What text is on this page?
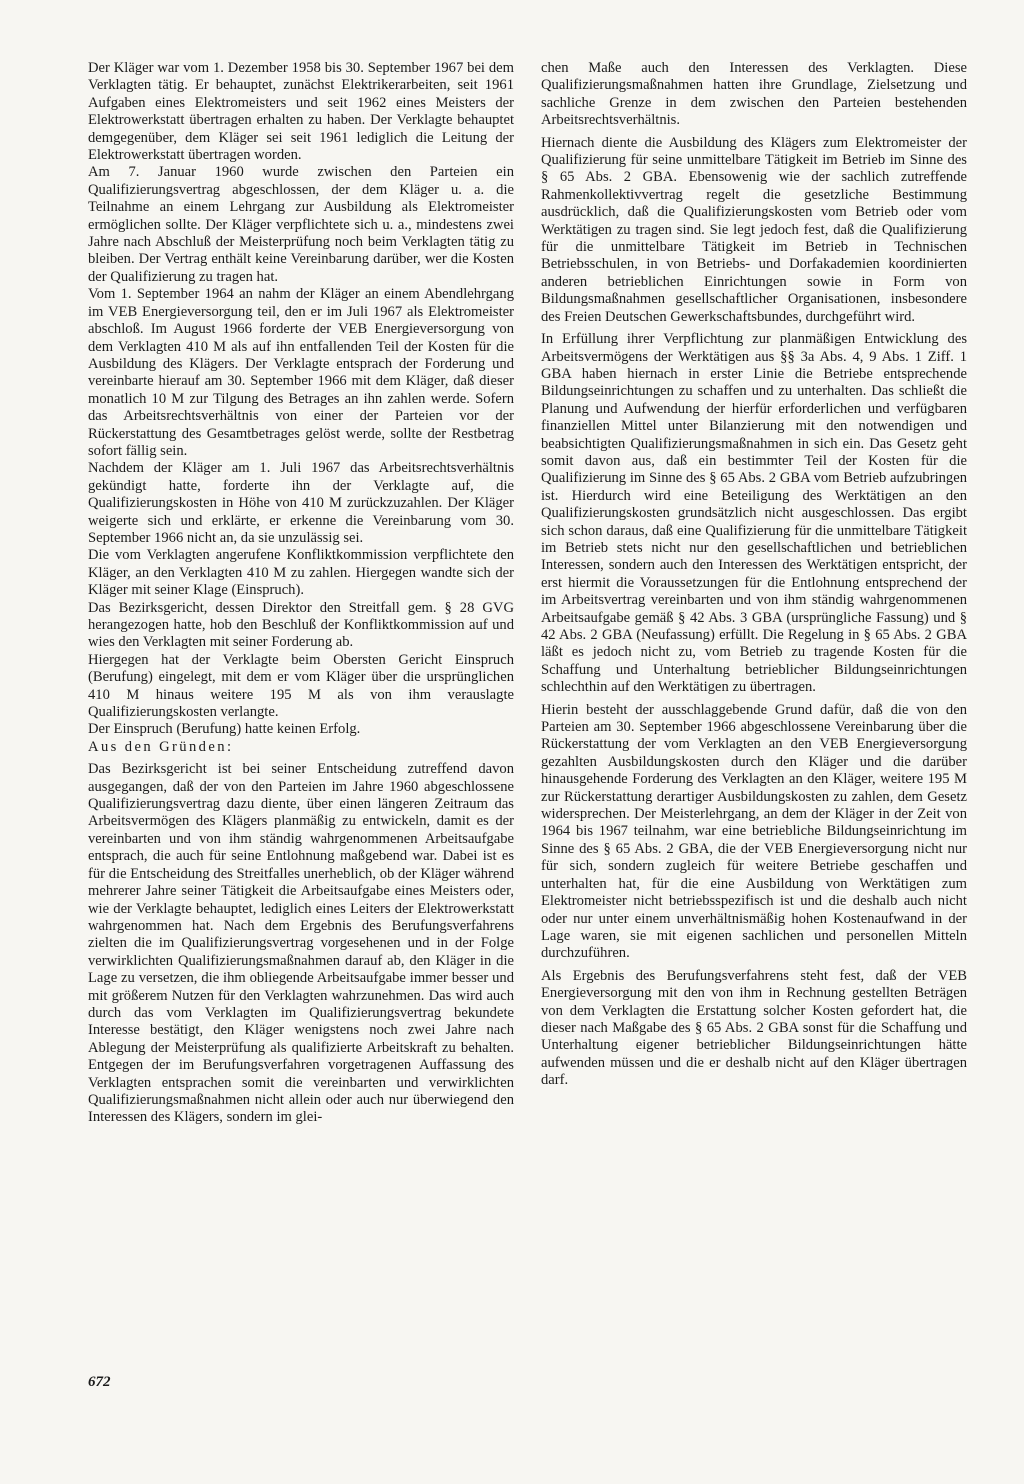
Der Kläger war vom 1. Dezember 1958 bis 30. September 1967 bei dem Verklagten tätig. Er behauptet, zunächst Elektrikerarbeiten, seit 1961 Aufgaben eines Elektromeisters und seit 1962 eines Meisters der Elektrowerkstatt übertragen erhalten zu haben. Der Verklagte behauptet demgegenüber, dem Kläger sei seit 1961 lediglich die Leitung der Elektrowerkstatt übertragen worden.

Am 7. Januar 1960 wurde zwischen den Parteien ein Qualifizierungsvertrag abgeschlossen, der dem Kläger u. a. die Teilnahme an einem Lehrgang zur Ausbildung als Elektromeister ermöglichen sollte. Der Kläger verpflichtete sich u. a., mindestens zwei Jahre nach Abschluß der Meisterprüfung noch beim Verklagten tätig zu bleiben. Der Vertrag enthält keine Vereinbarung darüber, wer die Kosten der Qualifizierung zu tragen hat.

Vom 1. September 1964 an nahm der Kläger an einem Abendlehrgang im VEB Energieversorgung teil, den er im Juli 1967 als Elektromeister abschloß. Im August 1966 forderte der VEB Energieversorgung von dem Verklagten 410 M als auf ihn entfallenden Teil der Kosten für die Ausbildung des Klägers. Der Verklagte entsprach der Forderung und vereinbarte hierauf am 30. September 1966 mit dem Kläger, daß dieser monatlich 10 M zur Tilgung des Betrages an ihn zahlen werde. Sofern das Arbeitsrechtsverhältnis von einer der Parteien vor der Rückerstattung des Gesamtbetrages gelöst werde, sollte der Restbetrag sofort fällig sein.

Nachdem der Kläger am 1. Juli 1967 das Arbeitsrechtsverhältnis gekündigt hatte, forderte ihn der Verklagte auf, die Qualifizierungskosten in Höhe von 410 M zurückzuzahlen. Der Kläger weigerte sich und erklärte, er erkenne die Vereinbarung vom 30. September 1966 nicht an, da sie unzulässig sei.

Die vom Verklagten angerufene Konfliktkommission verpflichtete den Kläger, an den Verklagten 410 M zu zahlen. Hiergegen wandte sich der Kläger mit seiner Klage (Einspruch).

Das Bezirksgericht, dessen Direktor den Streitfall gem. § 28 GVG herangezogen hatte, hob den Beschluß der Konfliktkommission auf und wies den Verklagten mit seiner Forderung ab.

Hiergegen hat der Verklagte beim Obersten Gericht Einspruch (Berufung) eingelegt, mit dem er vom Kläger über die ursprünglichen 410 M hinaus weitere 195 M als von ihm verauslagte Qualifizierungskosten verlangte.

Der Einspruch (Berufung) hatte keinen Erfolg.

Aus den Gründen:

Das Bezirksgericht ist bei seiner Entscheidung zutreffend davon ausgegangen, daß der von den Parteien im Jahre 1960 abgeschlossene Qualifizierungsvertrag dazu diente, über einen längeren Zeitraum das Arbeitsvermögen des Klägers planmäßig zu entwickeln, damit es der vereinbarten und von ihm ständig wahrgenommenen Arbeitsaufgabe entsprach, die auch für seine Entlohnung maßgebend war. Dabei ist es für die Entscheidung des Streitfalles unerheblich, ob der Kläger während mehrerer Jahre seiner Tätigkeit die Arbeitsaufgabe eines Meisters oder, wie der Verklagte behauptet, lediglich eines Leiters der Elektrowerkstatt wahrgenommen hat. Nach dem Ergebnis des Berufungsverfahrens zielten die im Qualifizierungsvertrag vorgesehenen und in der Folge verwirklichten Qualifizierungsmaßnahmen darauf ab, den Kläger in die Lage zu versetzen, die ihm obliegende Arbeitsaufgabe immer besser und mit größerem Nutzen für den Verklagten wahrzunehmen. Das wird auch durch das vom Verklagten im Qualifizierungsvertrag bekundete Interesse bestätigt, den Kläger wenigstens noch zwei Jahre nach Ablegung der Meisterprüfung als qualifizierte Arbeitskraft zu behalten. Entgegen der im Berufungsverfahren vorgetragenen Auffassung des Verklagten entsprachen somit die vereinbarten und verwirklichten Qualifizierungsmaßnahmen nicht allein oder auch nur überwiegend den Interessen des Klägers, sondern im glei-

chen Maße auch den Interessen des Verklagten. Diese Qualifizierungsmaßnahmen hatten ihre Grundlage, Zielsetzung und sachliche Grenze in dem zwischen den Parteien bestehenden Arbeitsrechtsverhältnis.

Hiernach diente die Ausbildung des Klägers zum Elektromeister der Qualifizierung für seine unmittelbare Tätigkeit im Betrieb im Sinne des § 65 Abs. 2 GBA. Ebensowenig wie der sachlich zutreffende Rahmenkollektivvertrag regelt die gesetzliche Bestimmung ausdrücklich, daß die Qualifizierungskosten vom Betrieb oder vom Werktätigen zu tragen sind. Sie legt jedoch fest, daß die Qualifizierung für die unmittelbare Tätigkeit im Betrieb in Technischen Betriebsschulen, in von Betriebs- und Dorfakademien koordinierten anderen betrieblichen Einrichtungen sowie in Form von Bildungsmaßnahmen gesellschaftlicher Organisationen, insbesondere des Freien Deutschen Gewerkschaftsbundes, durchgeführt wird.

In Erfüllung ihrer Verpflichtung zur planmäßigen Entwicklung des Arbeitsvermögens der Werktätigen aus §§ 3a Abs. 4, 9 Abs. 1 Ziff. 1 GBA haben hiernach in erster Linie die Betriebe entsprechende Bildungseinrichtungen zu schaffen und zu unterhalten. Das schließt die Planung und Aufwendung der hierfür erforderlichen und verfügbaren finanziellen Mittel unter Bilanzierung mit den notwendigen und beabsichtigten Qualifizierungsmaßnahmen in sich ein. Das Gesetz geht somit davon aus, daß ein bestimmter Teil der Kosten für die Qualifizierung im Sinne des § 65 Abs. 2 GBA vom Betrieb aufzubringen ist. Hierdurch wird eine Beteiligung des Werktätigen an den Qualifizierungskosten grundsätzlich nicht ausgeschlossen. Das ergibt sich schon daraus, daß eine Qualifizierung für die unmittelbare Tätigkeit im Betrieb stets nicht nur den gesellschaftlichen und betrieblichen Interessen, sondern auch den Interessen des Werktätigen entspricht, der erst hiermit die Voraussetzungen für die Entlohnung entsprechend der im Arbeitsvertrag vereinbarten und von ihm ständig wahrgenommenen Arbeitsaufgabe gemäß § 42 Abs. 3 GBA (ursprüngliche Fassung) und § 42 Abs. 2 GBA (Neufassung) erfüllt. Die Regelung in § 65 Abs. 2 GBA läßt es jedoch nicht zu, vom Betrieb zu tragende Kosten für die Schaffung und Unterhaltung betrieblicher Bildungseinrichtungen schlechthin auf den Werktätigen zu übertragen.

Hierin besteht der ausschlaggebende Grund dafür, daß die von den Parteien am 30. September 1966 abgeschlossene Vereinbarung über die Rückerstattung der vom Verklagten an den VEB Energieversorgung gezahlten Ausbildungskosten durch den Kläger und die darüber hinausgehende Forderung des Verklagten an den Kläger, weitere 195 M zur Rückerstattung derartiger Ausbildungskosten zu zahlen, dem Gesetz widersprechen. Der Meisterlehrgang, an dem der Kläger in der Zeit von 1964 bis 1967 teilnahm, war eine betriebliche Bildungseinrichtung im Sinne des § 65 Abs. 2 GBA, die der VEB Energieversorgung nicht nur für sich, sondern zugleich für weitere Betriebe geschaffen und unterhalten hat, für die eine Ausbildung von Werktätigen zum Elektromeister nicht betriebsspezifisch ist und die deshalb auch nicht oder nur unter einem unverhältnismäßig hohen Kostenaufwand in der Lage waren, sie mit eigenen sachlichen und personellen Mitteln durchzuführen.

Als Ergebnis des Berufungsverfahrens steht fest, daß der VEB Energieversorgung mit den von ihm in Rechnung gestellten Beträgen von dem Verklagten die Erstattung solcher Kosten gefordert hat, die dieser nach Maßgabe des § 65 Abs. 2 GBA sonst für die Schaffung und Unterhaltung eigener betrieblicher Bildungseinrichtungen hätte aufwenden müssen und die er deshalb nicht auf den Kläger übertragen darf.

672
